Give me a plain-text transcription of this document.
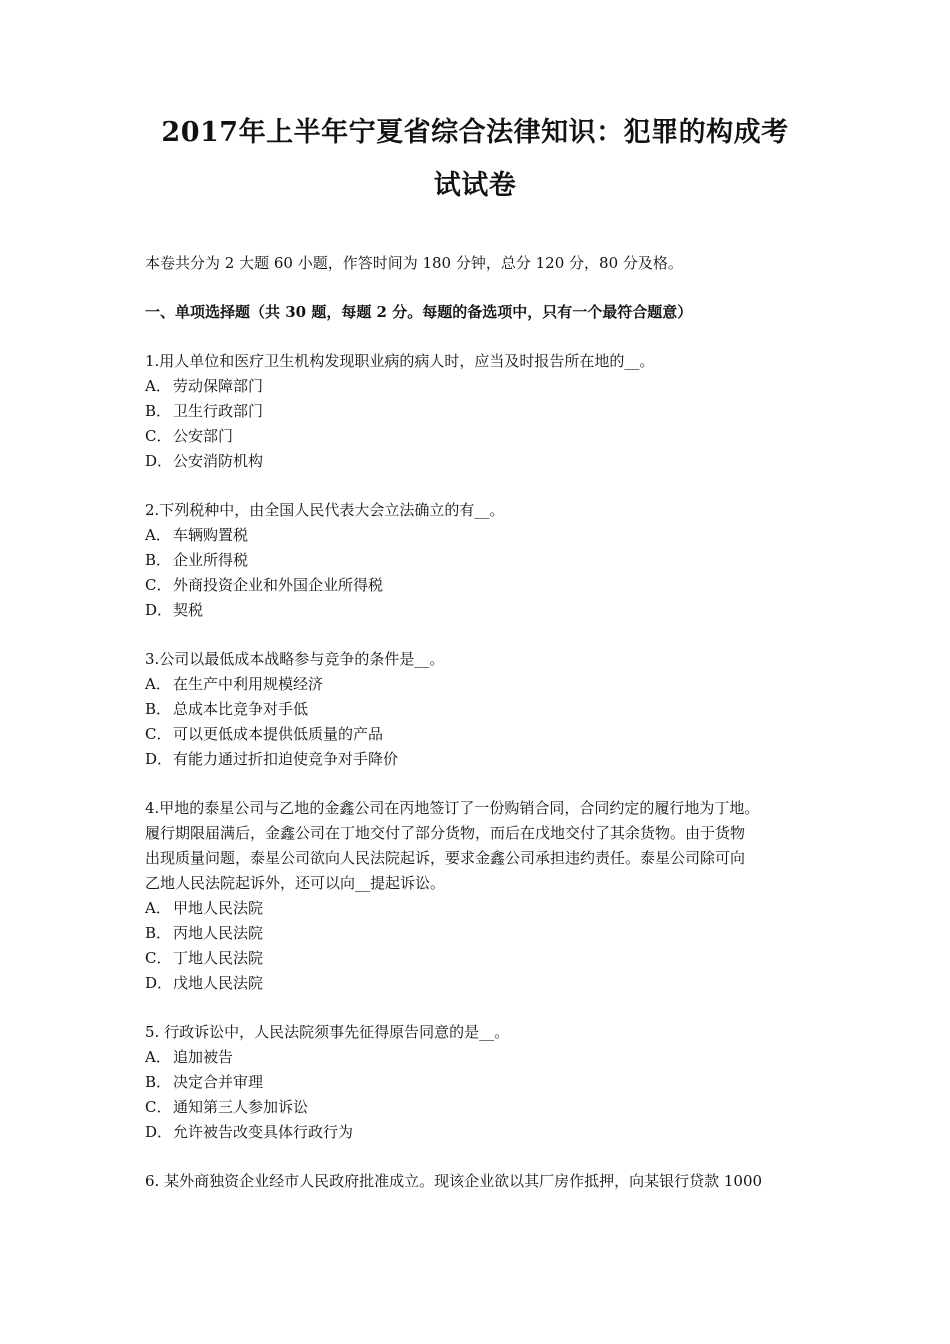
2017年上半年宁夏省综合法律知识：犯罪的构成考
试试卷
本卷共分为 2 大题 60 小题，作答时间为 180 分钟，总分 120 分，80 分及格。
一、单项选择题（共 30 题，每题 2 分。每题的备选项中，只有一个最符合题意）
1.用人单位和医疗卫生机构发现职业病的病人时，应当及时报告所在地的__。
A． 劳动保障部门
B． 卫生行政部门
C． 公安部门
D．公安消防机构
2.下列税种中，由全国人民代表大会立法确立的有__。
A． 车辆购置税
B． 企业所得税
C． 外商投资企业和外国企业所得税
D．契税
3.公司以最低成本战略参与竞争的条件是__。
A． 在生产中利用规模经济
B． 总成本比竞争对手低
C． 可以更低成本提供低质量的产品
D．有能力通过折扣迫使竞争对手降价
4.甲地的泰星公司与乙地的金鑫公司在丙地签订了一份购销合同，合同约定的履行地为丁地。
履行期限届满后，金鑫公司在丁地交付了部分货物，而后在戊地交付了其余货物。由于货物
出现质量问题，泰星公司欲向人民法院起诉，要求金鑫公司承担违约责任。泰星公司除可向
乙地人民法院起诉外，还可以向__提起诉讼。
A． 甲地人民法院
B． 丙地人民法院
C． 丁地人民法院
D．戊地人民法院
5. 行政诉讼中，人民法院须事先征得原告同意的是__。
A． 追加被告
B． 决定合并审理
C． 通知第三人参加诉讼
D．允许被告改变具体行政行为
6. 某外商独资企业经市人民政府批准成立。现该企业欲以其厂房作抵押，向某银行贷款 1000
